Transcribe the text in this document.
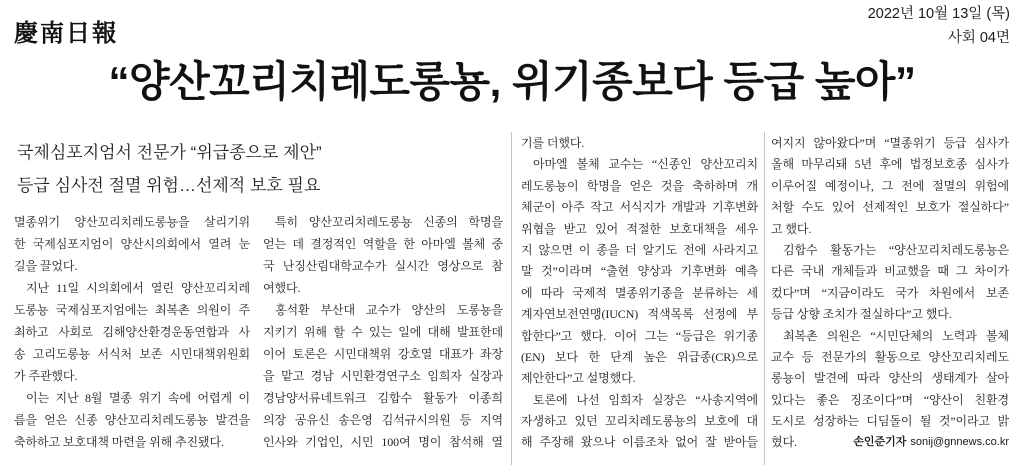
慶南日報
2022년 10월 13일 (목)
사회 04면
“양산꼬리치레도롱뇽, 위기종보다 등급 높아”
국제심포지엄서 전문가 “위급종으로 제안”
등급 심사전 절멸 위험…선제적 보호 필요
멸종위기 양산꼬리치레도롱뇽을 살리기위
한 국제심포지엄이 양산시의회에서 열려 눈
길을 끌었다.
지난 11일 시의회에서 열린 양산꼬리치레
도롱뇽 국제심포지엄에는 최복촌 의원이 주
최하고 사회로 김해양산환경운동연합과 사
송 고리도롱뇽 서식처 보존 시민대책위원회
가 주관했다.
이는 지난 8월 멸종 위기 속에 어렵게 이
름을 얻은 신종 양산꼬리치레도롱뇽 발견을
축하하고 보호대책 마련을 위해 추진됐다.
특히 양산꼬리치레도롱뇽 신종의 학명을
얻는 데 결정적인 역할을 한 아마엘 볼체 중
국 난징산림대학교수가 실시간 영상으로 참
여했다.
홍석환 부산대 교수가 양산의 도롱뇽을
지키기 위해 할 수 있는 일에 대해 발표한데
이어 토론은 시민대책위 강호열 대표가 좌장
을 맡고 경남 시민환경연구소 임희자 실장과
경남양서류네트워크 김합수 활동가 이종희
의장 공유신 송은영 김석규시의원 등 지역
인사와 기업인, 시민 100여 명이 참석해 열
기를 더했다.
아마엘 볼체 교수는 “신종인 양산꼬리치
레도롱뇽이 학명을 얻은 것을 축하하며 개
체군이 아주 작고 서식지가 개발과 기후변화
위협을 받고 있어 적절한 보호대책을 세우
지 않으면 이 종을 더 알기도 전에 사라지고
말 것”이라며 “출현 양상과 기후변화 예측
에 따라 국제적 멸종위기종을 분류하는 세
계자연보전연맹(IUCN) 적색목록 선정에 부
합한다”고 했다. 이어 그는 “등급은 위기종
(EN) 보다 한 단계 높은 위급종(CR)으로
제안한다”고 설명했다.
토론에 나선 임희자 실장은 “사송지역에
자생하고 있던 꼬리치레도롱뇽의 보호에 대
해 주장해 왔으나 이름조차 없어 잘 받아들
여지지 않아왔다”며 “멸종위기 등급 심사가
올해 마무리돼 5년 후에 법정보호종 심사가
이루어질 예정이나, 그 전에 절멸의 위험에
처할 수도 있어 선제적인 보호가 절실하다”
고 했다.
김합수 활동가는 “양산꼬리치레도롱뇽은
다른 국내 개체들과 비교했을 때 그 차이가
컸다”며 “지금이라도 국가 차원에서 보존
등급 상향 조치가 절실하다”고 했다.
최복촌 의원은 “시민단체의 노력과 볼체
교수 등 전문가의 활동으로 양산꼬리치레도
롱뇽이 발견에 따라 양산의 생태계가 살아
있다는 좋은 징조이다”며 “양산이 친환경
도시로 성장하는 디딤돌이 될 것”이라고 밝
혔다.	손인준기자 sonij@gnnews.co.kr
